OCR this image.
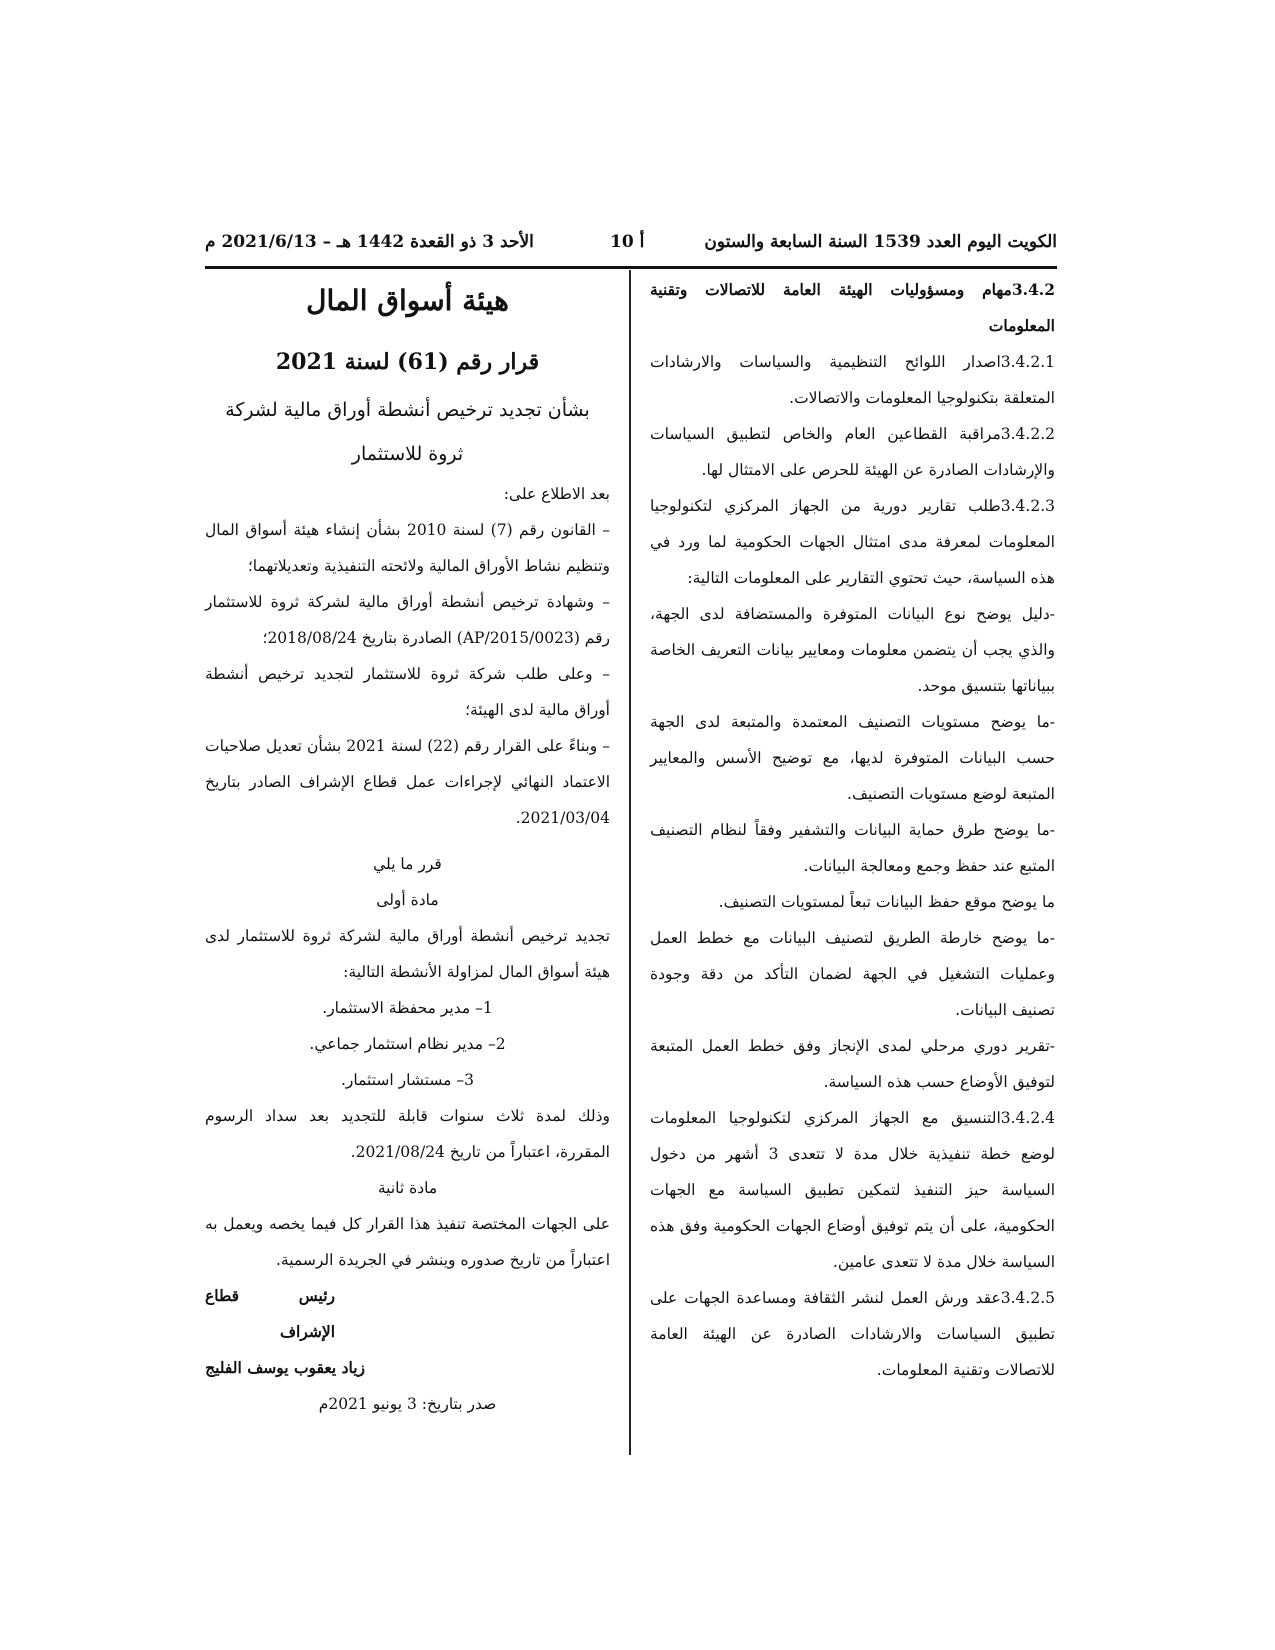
الكويت اليوم العدد 1539 السنة السابعة والستون
أ 10
الأحد 3 ذو القعدة 1442 هـ – 2021/6/13 م

3.4.2مهام ومسؤوليات الهيئة العامة للاتصالات وتقنية المعلومات

3.4.2.1اصدار اللوائح التنظيمية والسياسات والارشادات المتعلقة بتكنولوجيا المعلومات والاتصالات.

3.4.2.2مراقبة القطاعين العام والخاص لتطبيق السياسات والإرشادات الصادرة عن الهيئة للحرص على الامتثال لها.

3.4.2.3طلب تقارير دورية من الجهاز المركزي لتكنولوجيا المعلومات لمعرفة مدى امتثال الجهات الحكومية لما ورد في هذه السياسة، حيث تحتوي التقارير على المعلومات التالية:

-دليل يوضح نوع البيانات المتوفرة والمستضافة لدى الجهة، والذي يجب أن يتضمن معلومات ومعايير بيانات التعريف الخاصة ببياناتها بتنسيق موحد.

-ما يوضح مستويات التصنيف المعتمدة والمتبعة لدى الجهة حسب البيانات المتوفرة لديها، مع توضيح الأسس والمعايير المتبعة لوضع مستويات التصنيف.

-ما يوضح طرق حماية البيانات والتشفير وفقاً لنظام التصنيف المتبع عند حفظ وجمع ومعالجة البيانات.

ما يوضح موقع حفظ البيانات تبعاً لمستويات التصنيف.

-ما يوضح خارطة الطريق لتصنيف البيانات مع خطط العمل وعمليات التشغيل في الجهة لضمان التأكد من دقة وجودة تصنيف البيانات.

-تقرير دوري مرحلي لمدى الإنجاز وفق خطط العمل المتبعة لتوفيق الأوضاع حسب هذه السياسة.

3.4.2.4التنسيق مع الجهاز المركزي لتكنولوجيا المعلومات لوضع خطة تنفيذية خلال مدة لا تتعدى 3 أشهر من دخول السياسة حيز التنفيذ لتمكين تطبيق السياسة مع الجهات الحكومية، على أن يتم توفيق أوضاع الجهات الحكومية وفق هذه السياسة خلال مدة لا تتعدى عامين.

3.4.2.5عقد ورش العمل لنشر الثقافة ومساعدة الجهات على تطبيق السياسات والارشادات الصادرة عن الهيئة العامة للاتصالات وتقنية المعلومات.

هيئة أسواق المال

قرار رقم (61) لسنة 2021

بشأن تجديد ترخيص أنشطة أوراق مالية لشركة ثروة للاستثمار

بعد الاطلاع على:

– القانون رقم (7) لسنة 2010 بشأن إنشاء هيئة أسواق المال وتنظيم نشاط الأوراق المالية ولائحته التنفيذية وتعديلاتهما؛

– وشهادة ترخيص أنشطة أوراق مالية لشركة ثروة للاستثمار رقم (AP/2015/0023) الصادرة بتاريخ 2018/08/24؛

– وعلى طلب شركة ثروة للاستثمار لتجديد ترخيص أنشطة أوراق مالية لدى الهيئة؛

– وبناءً على القرار رقم (22) لسنة 2021 بشأن تعديل صلاحيات الاعتماد النهائي لإجراءات عمل قطاع الإشراف الصادر بتاريخ 2021/03/04.

قرر ما يلي

مادة أولى

تجديد ترخيص أنشطة أوراق مالية لشركة ثروة للاستثمار لدى هيئة أسواق المال لمزاولة الأنشطة التالية:

1– مدير محفظة الاستثمار.

2– مدير نظام استثمار جماعي.

3– مستشار استثمار.

وذلك لمدة ثلاث سنوات قابلة للتجديد بعد سداد الرسوم المقررة، اعتباراً من تاريخ 2021/08/24.

مادة ثانية

على الجهات المختصة تنفيذ هذا القرار كل فيما يخصه ويعمل به اعتباراً من تاريخ صدوره وينشر في الجريدة الرسمية.

رئيس قطاع الإشراف

زياد يعقوب يوسف الفليج

صدر بتاريخ: 3 يونيو 2021م
